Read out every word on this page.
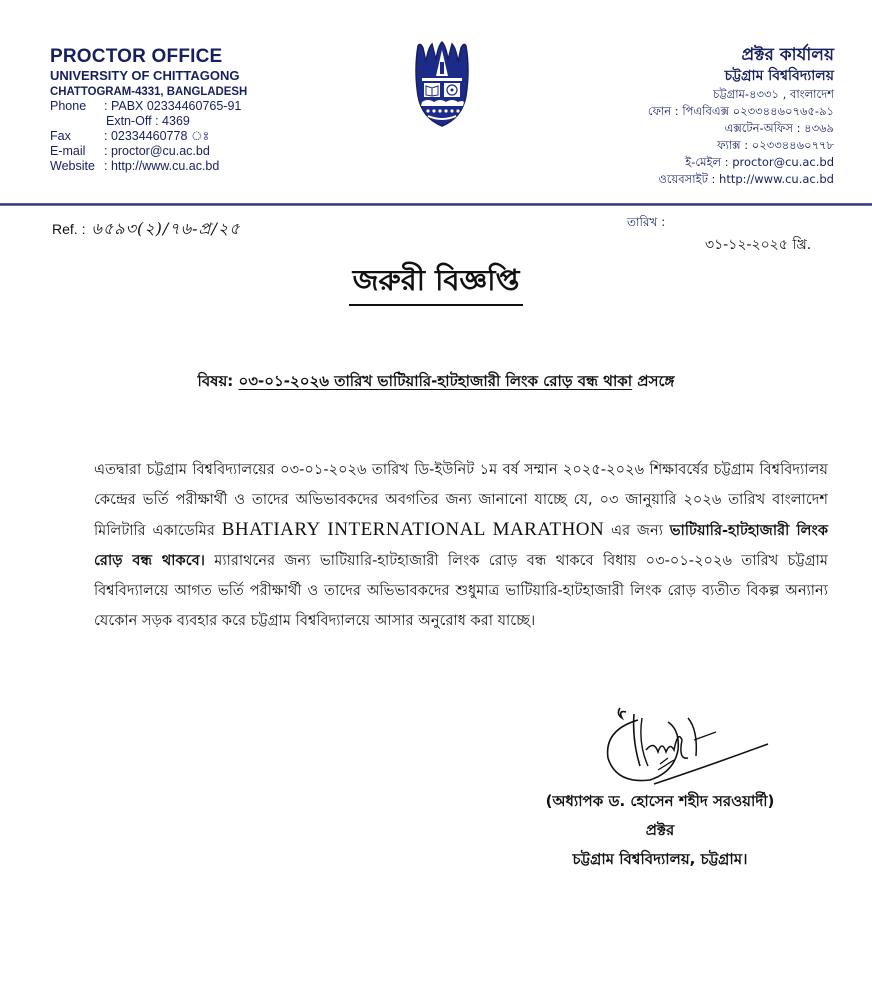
PROCTOR OFFICE
UNIVERSITY OF CHITTAGONG
CHATTOGRAM-4331, BANGLADESH
Phone : PABX 02334460765-91
Extn-Off : 4369
Fax	: 02334460778 ঃ
E-mail : proctor@cu.ac.bd
Website : http://www.cu.ac.bd
প্রক্টর কার্যালয়
চট্টগ্রাম বিশ্ববিদ্যালয়
চট্টগ্রাম-৪৩৩১ , বাংলাদেশ
ফোন : পিএবিএক্স ০২৩৩৪৪৬০৭৬৫-৯১
এক্সটেন-অফিস : ৪৩৬৯
ফ্যাক্স : ০২৩৩৪৪৬০৭৭৮
ই-মেইল : proctor@cu.ac.bd
ওয়েবসাইট : http://www.cu.ac.bd
Ref. : ৬৫৯৩(২)/৭৬-প্র/২৫	তারিখ :
৩১-১২-২০২৫ খ্রি.
জরুরী বিজ্ঞপ্তি
বিষয়: ০৩-০১-২০২৬ তারিখ ভাটিয়ারি-হাটহাজারী লিংক রোড় বন্ধ থাকা প্রসঙ্গে
এতদ্বারা চট্টগ্রাম বিশ্ববিদ্যালয়ের ০৩-০১-২০২৬ তারিখ ডি-ইউনিট ১ম বর্ষ সম্মান ২০২৫-২০২৬ শিক্ষাবর্ষের চট্টগ্রাম বিশ্ববিদ্যালয় কেন্দ্রের ভর্তি পরীক্ষার্থী ও তাদের অভিভাবকদের অবগতির জন্য জানানো যাচ্ছে যে, ০৩ জানুয়ারি ২০২৬ তারিখ বাংলাদেশ মিলিটারি একাডেমির BHATIARY INTERNATIONAL MARATHON এর জন্য ভাটিয়ারি-হাটহাজারী লিংক রোড় বন্ধ থাকবে। ম্যারাথনের জন্য ভাটিয়ারি-হাটহাজারী লিংক রোড় বন্ধ থাকবে বিধায় ০৩-০১-২০২৬ তারিখ চট্টগ্রাম বিশ্ববিদ্যালয়ে আগত ভর্তি পরীক্ষার্থী ও তাদের অভিভাবকদের শুধুমাত্র ভাটিয়ারি-হাটহাজারী লিংক রোড় ব্যতীত বিকল্প অন্যান্য যেকোন সড়ক ব্যবহার করে চট্টগ্রাম বিশ্ববিদ্যালয়ে আসার অনুরোধ করা যাচ্ছে।
(অধ্যাপক ড. হোসেন শহীদ সরওয়ার্দী)
প্রক্টর
চট্টগ্রাম বিশ্ববিদ্যালয়, চট্টগ্রাম।
